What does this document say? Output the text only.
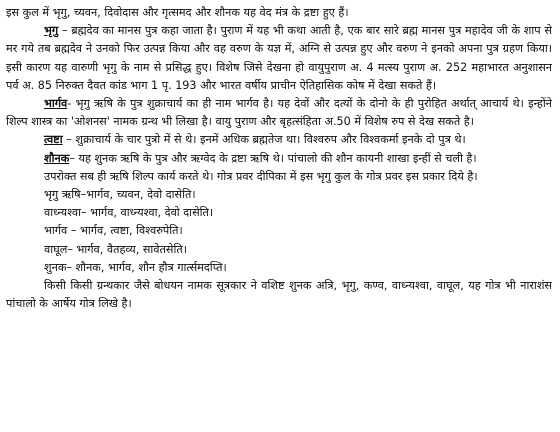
इस कुल में भृगु, च्यवन, दिवोदास और गृत्समद और शौनक यह वेद मंत्र के द्रष्टा हुए हैं।

भृगु – ब्रह्मदेव का मानस पुत्र कहा जाता है। पुराण में यह भी कथा आती है, एक बार सारे ब्रह्म मानस पुत्र महादेव जी के शाप से मर गये तब ब्रह्मदेव ने उनको फिर उत्पन्न किया और वह वरुण के यज्ञ में, अग्नि से उत्पन्न हुए और वरुण ने इनको अपना पुत्र ग्रहण किया। इसी कारण यह वारुणी भृगु के नाम से प्रसिद्ध हुए। विशेष जिसे देखना हो वायुपुराण अ. 4 मत्स्य पुराण अ. 252 महाभारत अनुशासन पर्व अ. 85 निरुक्त दैवत कांड भाग 1 पृ. 193 और भारत वर्षीय प्राचीन ऐतिहासिक कोष में देखा सकते हैं।

भार्गव- भृगु ऋषि के पुत्र शुक्राचार्य का ही नाम भार्गव है। यह देवों और दत्यों के दोनो के ही पुरोहित अर्थात् आचार्य थे। इन्होंने शिल्प शास्त्र का 'ओशनस' नामक ग्रन्थ भी लिखा है। वायु पुराण और बृहत्संहिता अ.50 में विशेष रुप से देख सकते है।

त्वष्टा – शुक्राचार्य के चार पुत्रो में से थे। इनमें अधिक ब्रह्मतेज था। विश्वरुप और विश्वकर्मा इनके दो पुत्र थे।

शौनक– यह शुनक ऋषि के पुत्र और ऋग्वेद के द्रष्टा ऋषि थे। पांचालो की शौन कायनी शाखा इन्हीं से चली है।

उपरोक्त सब ही ऋषि शिल्प कार्य करते थे। गोत्र प्रवर दीपिका में इस भृगु कुल के गोत्र प्रवर इस प्रकार दिये है।

भृगु ऋषि–भार्गव, च्यवन, देवो दासेति।
वाध्न्यश्वा– भार्गव, वाध्न्यश्वा, देवो दासेति।
भार्गव – भार्गव, त्वष्टा, विश्वरुपेति।
वाघूल– भार्गव, वैतहव्य, सावेतसेति।
शुनक– शौनक, भार्गव, शौन हौत्र गार्त्समदप्ति।

किसी किसी ग्रन्थकार जैसे बोधयन नामक सूत्रकार ने वशिष्ट शुनक अत्रि, भृगु, कण्व, वाध्न्यश्वा, वाघूल, यह गोत्र भी नाराशंस पांचालो के आर्षेय गोत्र लिखे है।
